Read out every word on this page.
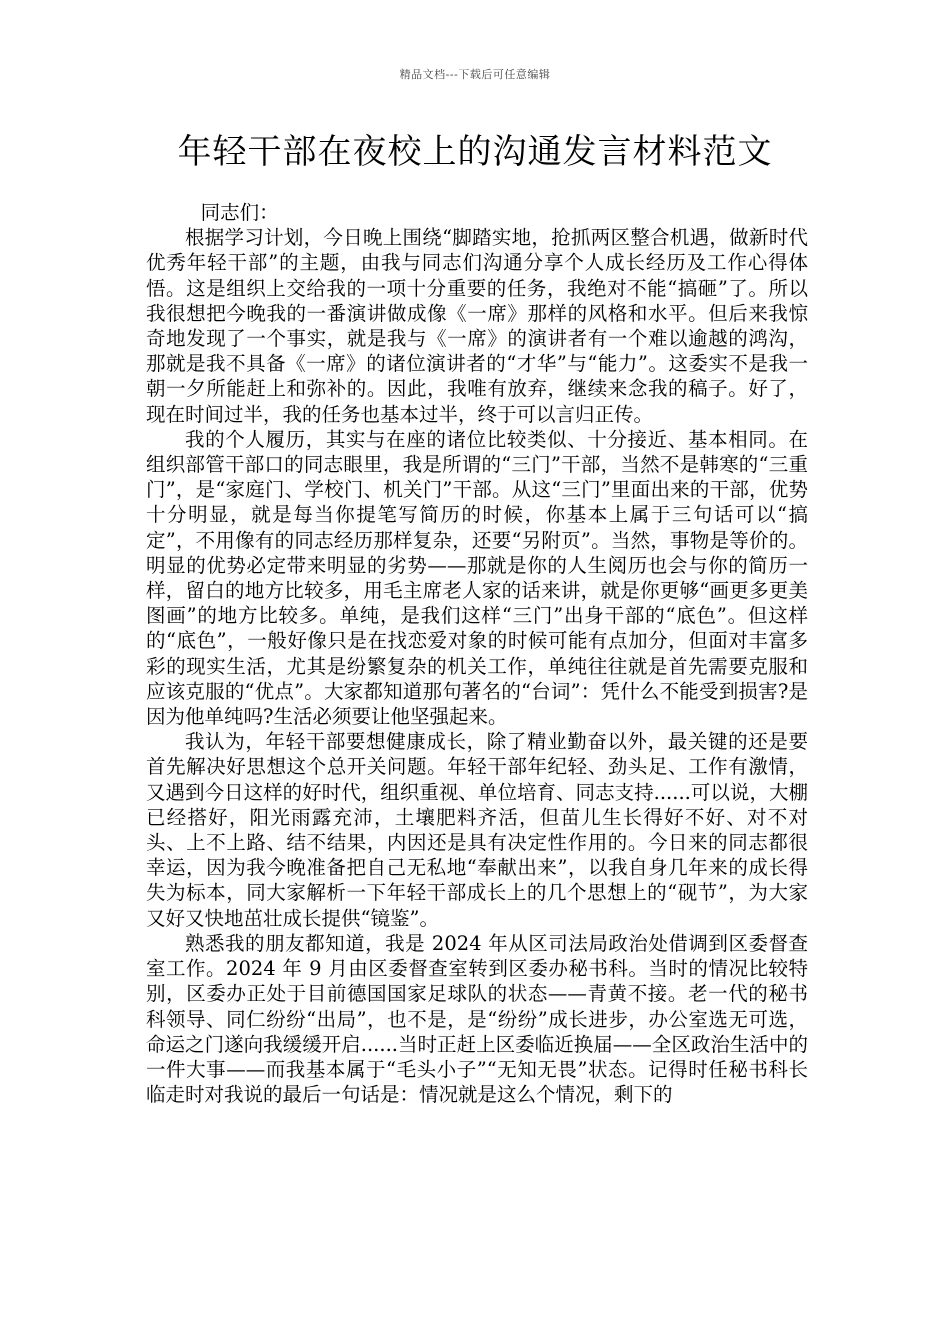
精品文档---下载后可任意编辑
年轻干部在夜校上的沟通发言材料范文

同志们：

根据学习计划，今日晚上围绕“脚踏实地，抢抓两区整合机遇，做新时代优秀年轻干部”的主题，由我与同志们沟通分享个人成长经历及工作心得体悟。这是组织上交给我的一项十分重要的任务，我绝对不能“搞砸”了。所以我很想把今晚我的一番演讲做成像《一席》那样的风格和水平。但后来我惊奇地发现了一个事实，就是我与《一席》的演讲者有一个难以逾越的鸿沟，那就是我不具备《一席》的诸位演讲者的“才华”与“能力”。这委实不是我一朝一夕所能赶上和弥补的。因此，我唯有放弃，继续来念我的稿子。好了，现在时间过半，我的任务也基本过半，终于可以言归正传。

我的个人履历，其实与在座的诸位比较类似、十分接近、基本相同。在组织部管干部口的同志眼里，我是所谓的“三门”干部，当然不是韩寒的“三重门”，是“家庭门、学校门、机关门”干部。从这“三门”里面出来的干部，优势十分明显，就是每当你提笔写简历的时候，你基本上属于三句话可以“搞定”，不用像有的同志经历那样复杂，还要“另附页”。当然，事物是等价的。明显的优势必定带来明显的劣势——那就是你的人生阅历也会与你的简历一样，留白的地方比较多，用毛主席老人家的话来讲，就是你更够“画更多更美图画”的地方比较多。单纯，是我们这样“三门”出身干部的“底色”。但这样的“底色”，一般好像只是在找恋爱对象的时候可能有点加分，但面对丰富多彩的现实生活，尤其是纷繁复杂的机关工作，单纯往往就是首先需要克服和应该克服的“优点”。大家都知道那句著名的“台词”：凭什么不能受到损害?是因为他单纯吗?生活必须要让他坚强起来。

我认为，年轻干部要想健康成长，除了精业勤奋以外，最关键的还是要首先解决好思想这个总开关问题。年轻干部年纪轻、劲头足、工作有激情，又遇到今日这样的好时代，组织重视、单位培育、同志支持......可以说，大棚已经搭好，阳光雨露充沛，土壤肥料齐活，但苗儿生长得好不好、对不对头、上不上路、结不结果，内因还是具有决定性作用的。今日来的同志都很幸运，因为我今晚准备把自己无私地“奉献出来”，以我自身几年来的成长得失为标本，同大家解析一下年轻干部成长上的几个思想上的“砚节”，为大家又好又快地茁壮成长提供“镜鉴”。

熟悉我的朋友都知道，我是 2024 年从区司法局政治处借调到区委督查室工作。2024 年 9 月由区委督查室转到区委办秘书科。当时的情况比较特别，区委办正处于目前德国国家足球队的状态——青黄不接。老一代的秘书科领导、同仁纷纷“出局”，也不是，是“纷纷”成长进步，办公室选无可选，命运之门遂向我缓缓开启......当时正赶上区委临近换届——全区政治生活中的一件大事——而我基本属于“毛头小子”“无知无畏”状态。记得时任秘书科长临走时对我说的最后一句话是：情况就是这么个情况，剩下的
